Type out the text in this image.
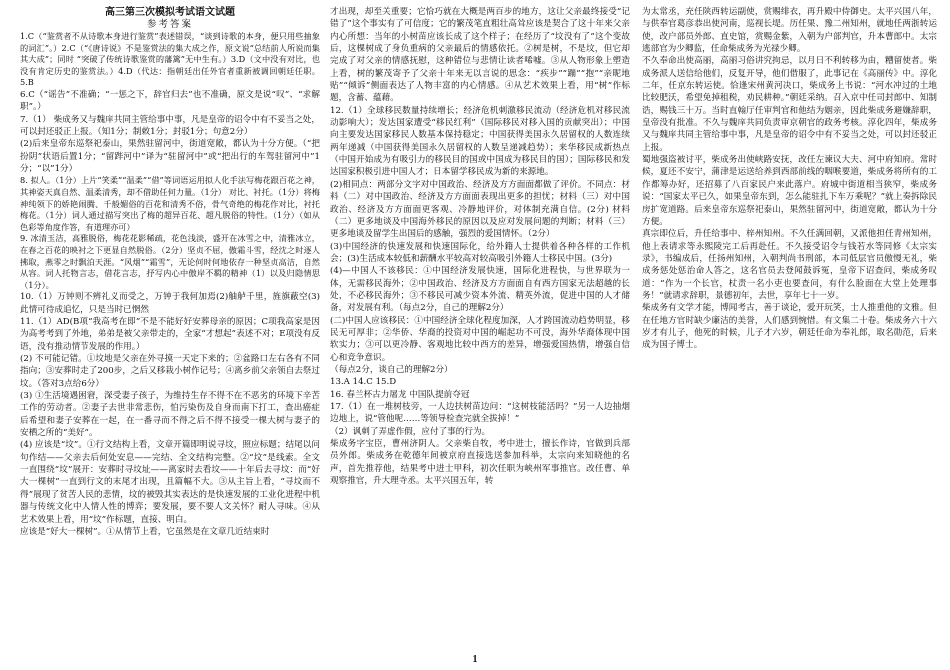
高三第三次模拟考试语文试题

参考答案

1.C（“鉴赏者不从诗歌本身进行鉴赏”表述错误，“谈到诗歌的本身，便只用些抽象的词汇”。）2.C（“《唐诗说》不是鉴赏法的集大成之作，原文说“总结前人所说而集其大成”；同时 “突破了传统诗歌鉴赏的藩篱”无中生有。）3.D（文中没有对比，也没有肯定历史的鉴赏法。）4.D（代达：指朝廷出任外官者重新被调回朝廷任职。5.B

6.C（“谣告”不准确；“一惩之下，辞官归去”也不准确，原文是说“叹”、“求解职”。）

7.（1） 柴成务又与魏庠共同主管给事中事，凡是皇帝的诏令中有不妥当之处，可以封还驳正上报。（知1分；制敕1分；封驳1分；句意2分）

(2)后来皇帝东巡祭祀泰山，果然驻留河中，街道宽敞，都认为十分方便。（“把扮阴”状语后置1分；“留跸河中”译为“驻留河中”或“把出行的车驾驻留河中”1分；“以”1分）

8. 拟人。（1分）上片“笑柔”“温柔”“借”等词语运用拟人化手法写梅花跟百花之神，其神姿天真自然、温柔清秀，却不借助任何力量。（1分） 对比、衬托。（1分）将梅神纯领下的娇艳闹腾、千般媚俗的百花和清秀不俗，骨气奇绝的梅花作对比，衬托梅花。（1分）词人通过描写突出了梅的超异百花、超凡脱俗的特性。（1分）（如从色彩等角度作答，有道理亦可）

9. 冰清玉洁，高雅脱俗，梅花花影稀疏，花色浅淡，盛开在冰雪之中，清雅冰立，在春之百花的映衬之下更显自然脱俗。（2分）坚贞不屈，傲霜斗雪，经沈之时逐人拂取，燕零之时飘泊天涯。“风烟”“霜雪”，无论何时何地依存一种坚贞高洁，自然从容。词人托物言志，借花言志，抒写内心中傲岸不羁的精神（1）以及归隐情思（1分）。

10.（1）万钟则不辨礼义而受之，万钟于我何加焉(2)舳舻千里，旌旗蔽空(3)此情可待成追忆，只是当时已惘然

11.（1）AD(B项“我高考在即”不是不能好好安葬母亲的原因；C项我高家是因为高考考到了外地，弟弟是被父亲带走的，全家“才想起”表述不对；E项没有反语，没有推动情节发展的作用。）

(2) 不可能记错。①坟地是父亲在外寻摸一天定下来的；②盆路口左右各有不同指向；③安葬时走了200步，之后又移栽小树作记号；④离乡前父亲领自去祭过坟。（答对3点给6分）

(3) ①生活境遇困窘，深受妻子孩子，为维持生存不得不在不恶劣的环境下辛苦工作的劳动者。②妻子去世非常悲伤，怕污染伤及自身而南下打工，查出癌症后希望和妻子安葬在一起，在一番寻而不得之后不得不接受一棵大树与妻子的安栖之所的“美好”。

(4) 应该是“坟”。①行文结构上看，文章开篇即明说寻坟，照应标题；结尾以问句作结——父亲去后何处安息——完结、全文结构完整。②“坟”是线索。全文一直围绕“坟”展开：安葬时寻坟址——离家时去看坟——十年后去寻坟：而“好大一棵树”一直到行文的末尾才出现，且篇幅不大。③从主旨上看，“寻坟而不得”展现了贫苦人民的悲情，坟的被毁其实表达的是快速发展的工业化进程中机器与传统文化中人情人性的博弈；要发展，要不要人文关怀？耐人寻味。④从艺术效果上看，用“坟”作标题，直接、明白。

应该是“好大一棵树”。①从情节上看，它虽然是在文章几近结束时

才出现，却至关重要；它恰巧就在大概是两百步的地方，这让父亲最终接受“记错了”这个事实有了可信度；它的繁茂笔直粗壮高耸应该是契合了这十年来父亲内心所想：当年的小树苗应该长成了这个样子；在经历了“坟没有了”这个变故后，这棵树成了身负重病的父亲最后的情感依托。②树是树，不是坟，但它却完成了对父亲的情感抚慰，这种错位与悲情让读者唏嘘。③从人物形象上塑造上看，树的繁茂寄予了父亲十年来无以言说的思念：“疾步”“蹦”“抱”“亲昵地贴”“倾诉”侧面表达了人物丰富的内心情感。④从艺术效果上看，用“树”作标题，含蓄、蕴藉。

12.（1）全球移民数量持续增长；经济危机刺激移民流动（经济危机对移民流动影响大）；发达国家遭受“移民红利”（国际移民对移入国的贡献突出）；中国向主要发达国家移民人数基本保持稳定；中国获得美国永久居留权的人数连续两年递减（中国获得美国永久居留权的人数呈递减趋势）；来华移民成新热点（中国开始成为有吸引力的移民目的国或中国成为移民目的国）；国际移民和发达国家积极引进中国人才；日本留学移民成为新的来源地。

(2)相同点：两部分文字对中国政治、经济及方方面面都做了评价。不同点：材料（二）对中国政治、经济及方方面面表现出更多的担忧；材料（三）对中国政治、经济及方方面面更客观、冷静地评价，对体制充满自信。(2分) 材料（二）更多地谈及中国海外移民的原因以及应对发展问题的判断；材料（三）更多地谈及留学生出国后的感触，强烈的爱国情怀。（2分）

(3)中国经济的快速发展和快速国际化，给外籍人士提供着各种各样的工作机会；(3)生活成本较低和薪酬水平较高对较高吸引外籍人士移民中国。(3分)

(4)—中国人不该移民：①中国经济发展快速，国际化进程快，与世界联为一体，无需移民海外；②中国政治、经济及方方面面自有西方国家无法超越的长处，不必移民海外；③不移民可减少资本外流、精英外流，促进中国的人才储备，对发展有利。（每点2分，自己的理解2分）

(二)中国人应该移民：①中国经济全球化程度加深，人才跨国流动趋势明显，移民无可厚非；②华侨、华裔的投资对中国的崛起功不可没，海外华裔体现中国软实力；③可以更冷静、客观地比较中西方的差异，增强爱国热情，增强自信心和竞争意识。

（每点2分，谈自己的理解2分）

13.A 14.C 15.D

16. 春兰杯古力屠龙 中国队提前夺冠

17.（1）在一堆树枝旁，一人边扶树苗边问：“这树枝能活吗？”另一人边抽烟边地上，说“管他呢……等领导检查完就全拔掉！”

（2）讽刺了弄虚作假，应付了事的行为。

柴成务字宝臣，曹州济阴人。父亲柴自牧，考中进士，擅长作诗，官做到兵部员外郎。柴成务在乾德年间被京府直接选送参加科举，太宗向来知晓他的名声，首先推荐他，结果考中进士甲科，初次任职为峡州军事推官。改任曹、单观察推官，升大理寺丞。太平兴国五年，转

为太常丞，充任陕西转运副使，赏赐绯衣，再升殿中侍御史。太平兴国八年，与供奉官葛彦恭出使河南，巡视长堤。历任果、豫二州知州，就地任两浙转运使，改户部员外郎、直史馆，赏赐金紫，入朝为户部判官，升本曹郎中。太宗逃部官为少卿监，任命柴成务为光禄少卿。

不久奉命出使高丽，高丽习俗讲究拘忌，以月日不利转移为由，糟留使者。柴成务派人送信给他们，反复开导，他们借服了，此事记在《高丽传》中。淳化二年，任京东转运使。恰逢宋州黄河决口，柴成务上书说：“河水冲过的土地比较肥沃，希望免掉租税，劝民耕种。”朝廷采纳。召入京中任司封郎中、知制诰，赐钱三十万。当时直翰厅任审判官和他结为姻亲，因此柴成务避嫌辞职，皇帝没有批准。不久与魏庠共同负责审京朝官的政务考核。淳化四年，柴成务又与魏庠共同主管给事中事，凡是皇帝的诏令中有不妥当之处，可以封还驳正上报。

蜀地强盗被讨平，柴成务出使峡路安抚，改任左谏议大夫、河中府知府。常时候，夏还不安宁，蒲津是运送给养到西部前线的咽喉要道，柴成务将所有的工作都筹办好，还招募了八百家民户来此落户。府城中街道相当狭窄，柴成务说：“国家太平已久，如果皇帝东到，怎么能驻扎下车万乘呢？”就上奏拆除民房扩宽道路。后来皇帝东巡祭祀泰山，果然驻留河中，街道宽敞，都认为十分方便。

真宗即位后，升任给事中、梓州知州。不久任满回朝，又派他担任青州知州，他上表请求等永熙陵完工后再赴任。不久接受诏令与钱若水等同修《太宗实录》，书编成后，任扬州知州，入朝判尚书刑部，本司低层官员傲慢无礼，柴成务惩处惩治命人答之，这名官员去登闻鼓诉冤，皇帝下诏查问，柴成务叹道：“作为一个长官，杖责一名小吏也要查问，有什么脸面在大堂上处理事务！”就请求辞职，景德初年，去世，享年七十一岁。

柴成务有文学才能，博闻考古，善于谈论，爱开玩笑，士人推重他的文雅。但在任地方官时缺少廉洁的美誉，人们感到惋惜。有文集二十卷。柴成务六十六岁才有儿子，他死的时候，儿子才六岁，朝廷任命为奉礼郎，取名勋范，后来成为国子博士。

1
